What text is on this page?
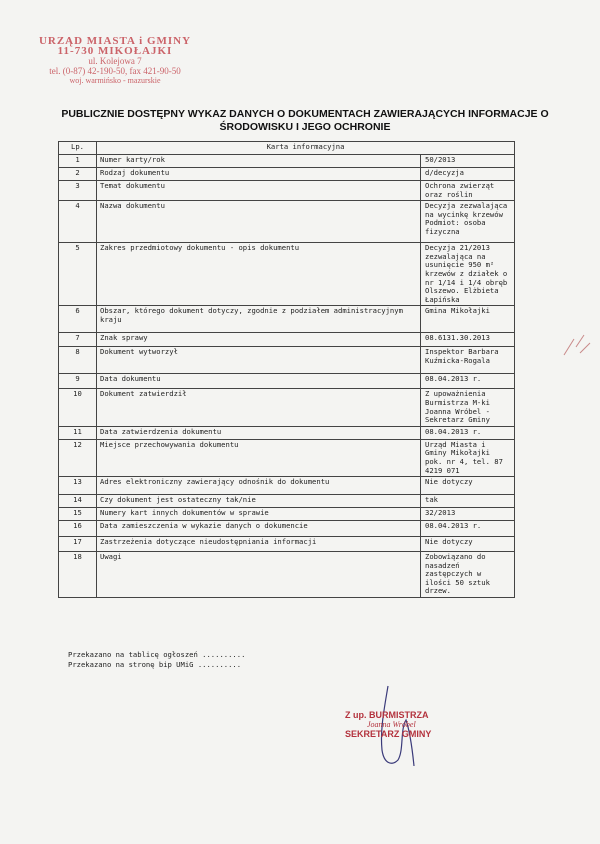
URZĄD MIASTA i GMINY
11-730 MIKOŁAJKI
ul. Kolejowa 7
tel. (0-87) 42-190-50, fax 421-90-50
woj. warmińsko - mazurskie
PUBLICZNIE DOSTĘPNY WYKAZ DANYCH O DOKUMENTACH ZAWIERAJĄCYCH INFORMACJE O
ŚRODOWISKU I JEGO OCHRONIE
Lp.	Karta informacyjna	
1	Numer karty/rok	50/2013
2	Rodzaj dokumentu	d/decyzja
3	Temat dokumentu	Ochrona zwierząt oraz roślin
4	Nazwa dokumentu	Decyzja zezwalająca na wycinkę krzewów Podmiot: osoba fizyczna
5	Zakres przedmiotowy dokumentu - opis dokumentu	Decyzja 21/2013 zezwalająca na usunięcie 950 m² krzewów z działek o nr 1/14 i 1/4 obręb Olszewo. Elżbieta Łapińska
6	Obszar, którego dokument dotyczy, zgodnie z podziałem administracyjnym kraju	Gmina Mikołajki
7	Znak sprawy	08.6131.30.2013
8	Dokument wytworzył	Inspektor Barbara Kuźmicka-Rogala
9	Data dokumentu	08.04.2013 r.
10	Dokument zatwierdził	Z upoważnienia Burmistrza M-ki Joanna Wróbel - Sekretarz Gminy
11	Data zatwierdzenia dokumentu	08.04.2013 r.
12	Miejsce przechowywania dokumentu	Urząd Miasta i Gminy Mikołajki pok. nr 4, tel. 87 4219 071
13	Adres elektroniczny zawierający odnośnik do dokumentu	Nie dotyczy
14	Czy dokument jest ostateczny tak/nie	tak
15	Numery kart innych dokumentów w sprawie	32/2013
16	Data zamieszczenia w wykazie danych o dokumencie	08.04.2013 r.
17	Zastrzeżenia dotyczące nieudostępniania informacji	Nie dotyczy
18	Uwagi	Zobowiązano do nasadzeń zastępczych w ilości 50 sztuk drzew.
Przekazano na tablicę ogłoszeń ..........
Przekazano na stronę bip UMiG ..........
Z up. BURMISTRZA
Joanna Wróbel
SEKRETARZ GMINY
